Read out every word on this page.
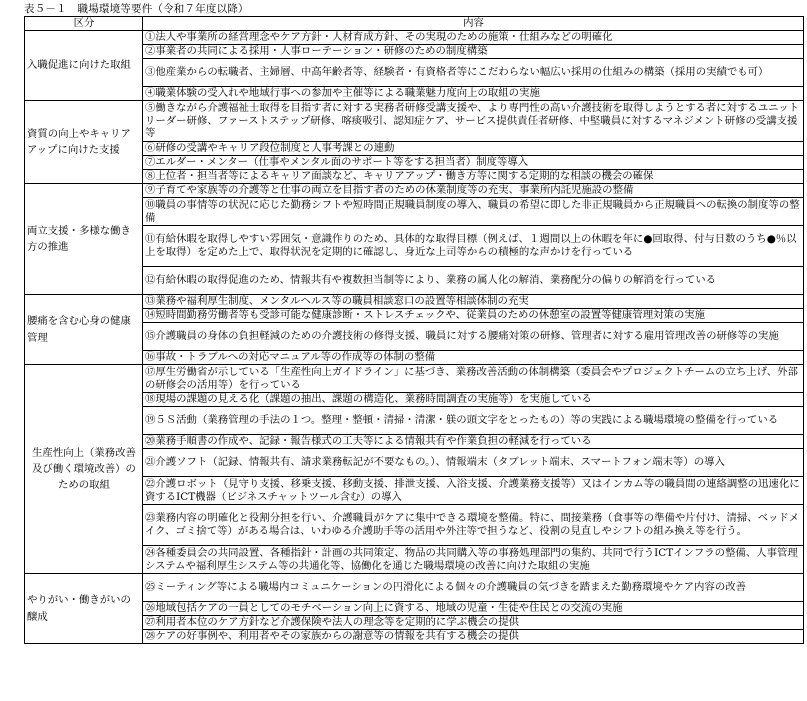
表５－１　職場環境等要件（令和７年度以降）
区分	内容
入職促進に向けた取組	①法人や事業所の経営理念やケア方針・人材育成方針、その実現のための施策・仕組みなどの明確化
	②事業者の共同による採用・人事ローテーション・研修のための制度構築
	③他産業からの転職者、主婦層、中高年齢者等、経験者・有資格者等にこだわらない幅広い採用の仕組みの構築（採用の実績でも可）
	④職業体験の受入れや地域行事への参加や主催等による職業魅力度向上の取組の実施
資質の向上やキャリアアップに向けた支援	⑤働きながら介護福祉士取得を目指す者に対する実務者研修受講支援や、より専門性の高い介護技術を取得しようとする者に対するユニットリーダー研修、ファーストステップ研修、喀痰吸引、認知症ケア、サービス提供責任者研修、中堅職員に対するマネジメント研修の受講支援等
	⑥研修の受講やキャリア段位制度と人事考課との連動
	⑦エルダー・メンター（仕事やメンタル面のサポート等をする担当者）制度等導入
	⑧上位者・担当者等によるキャリア面談など、キャリアアップ・働き方等に関する定期的な相談の機会の確保
両立支援・多様な働き方の推進	⑨子育てや家族等の介護等と仕事の両立を目指す者のための休業制度等の充実、事業所内託児施設の整備
	⑩職員の事情等の状況に応じた勤務シフトや短時間正規職員制度の導入、職員の希望に即した非正規職員から正規職員への転換の制度等の整備
	⑪有給休暇を取得しやすい雰囲気・意識作りのため、具体的な取得目標（例えば、１週間以上の休暇を年に●回取得、付与日数のうち●％以上を取得）を定めた上で、取得状況を定期的に確認し、身近な上司等からの積極的な声かけを行っている
	⑫有給休暇の取得促進のため、情報共有や複数担当制等により、業務の属人化の解消、業務配分の偏りの解消を行っている
腰痛を含む心身の健康管理	⑬業務や福利厚生制度、メンタルヘルス等の職員相談窓口の設置等相談体制の充実
	⑭短時間勤務労働者等も受診可能な健康診断・ストレスチェックや、従業員のための休憩室の設置等健康管理対策の実施
	⑮介護職員の身体の負担軽減のための介護技術の修得支援、職員に対する腰痛対策の研修、管理者に対する雇用管理改善の研修等の実施
	⑯事故・トラブルへの対応マニュアル等の作成等の体制の整備
生産性向上（業務改善及び働く環境改善）のための取組	⑰厚生労働省が示している「生産性向上ガイドライン」に基づき、業務改善活動の体制構築（委員会やプロジェクトチームの立ち上げ、外部の研修会の活用等）を行っている
	⑱現場の課題の見える化（課題の抽出、課題の構造化、業務時間調査の実施等）を実施している
	⑲５Ｓ活動（業務管理の手法の１つ。整理・整頓・清掃・清潔・躾の頭文字をとったもの）等の実践による職場環境の整備を行っている
	⑳業務手順書の作成や、記録・報告様式の工夫等による情報共有や作業負担の軽減を行っている
	㉑介護ソフト（記録、情報共有、請求業務転記が不要なもの。）、情報端末（タブレット端末、スマートフォン端末等）の導入
	㉒介護ロボット（見守り支援、移乗支援、移動支援、排泄支援、入浴支援、介護業務支援等）又はインカム等の職員間の連絡調整の迅速化に資するICT機器（ビジネスチャットツール含む）の導入
	㉓業務内容の明確化と役割分担を行い、介護職員がケアに集中できる環境を整備。特に、間接業務（食事等の準備や片付け、清掃、ベッドメイク、ゴミ捨て等）がある場合は、いわゆる介護助手等の活用や外注等で担うなど、役割の見直しやシフトの組み換え等を行う。
	㉔各種委員会の共同設置、各種指針・計画の共同策定、物品の共同購入等の事務処理部門の集約、共同で行うICTインフラの整備、人事管理システムや福利厚生システム等の共通化等、協働化を通じた職場環境の改善に向けた取組の実施
やりがい・働きがいの醸成	㉕ミーティング等による職場内コミュニケーションの円滑化による個々の介護職員の気づきを踏まえた勤務環境やケア内容の改善
	㉖地域包括ケアの一員としてのモチベーション向上に資する、地域の児童・生徒や住民との交流の実施
	㉗利用者本位のケア方針など介護保険や法人の理念等を定期的に学ぶ機会の提供
	㉘ケアの好事例や、利用者やその家族からの謝意等の情報を共有する機会の提供
